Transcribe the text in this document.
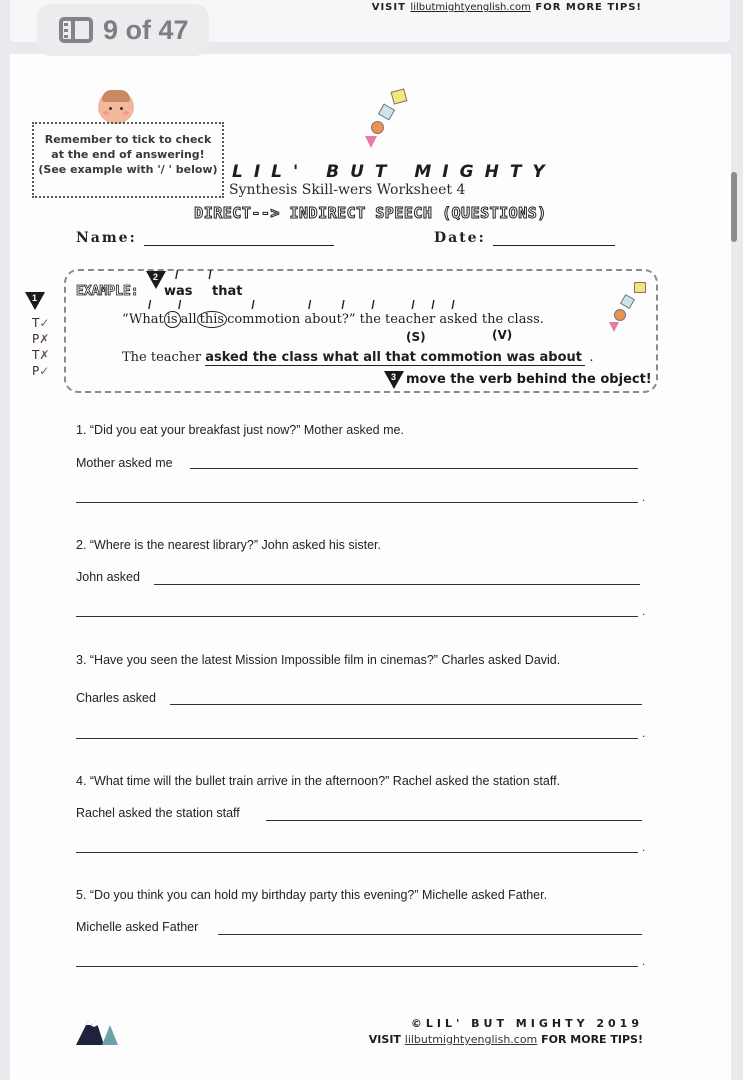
VISIT lilbutmightyenglish.com FOR MORE TIPS!
9 of 47
Remember to tick to check
at the end of answering!
(See example with '/ ' below) LIL' BUT MIGHTY
Synthesis Skill-wers Worksheet 4
DIRECT--> INDIRECT SPEECH (QUESTIONS)
Name:	Date:
1
T✓
P✗
T✗
P✓
EXAMPLE:
2
was that
/         /
/        /                     /                /         /        /           /     /     /
“What is all this commotion about?” the teacher asked the class.
(S)	(V)
The teacher asked the class what all that commotion was about .
3 move the verb behind the object!
1. “Did you eat your breakfast just now?” Mother asked me.
Mother asked me
.
2. “Where is the nearest library?” John asked his sister.
John asked
.
3. “Have you seen the latest Mission Impossible film in cinemas?” Charles asked David.
Charles asked
.
4. “What time will the bullet train arrive in the afternoon?” Rachel asked the station staff.
Rachel asked the station staff
.
5. “Do you think you can hold my birthday party this evening?” Michelle asked Father.
Michelle asked Father
.
©LIL' BUT MIGHTY 2019
VISIT lilbutmightyenglish.com FOR MORE TIPS!
